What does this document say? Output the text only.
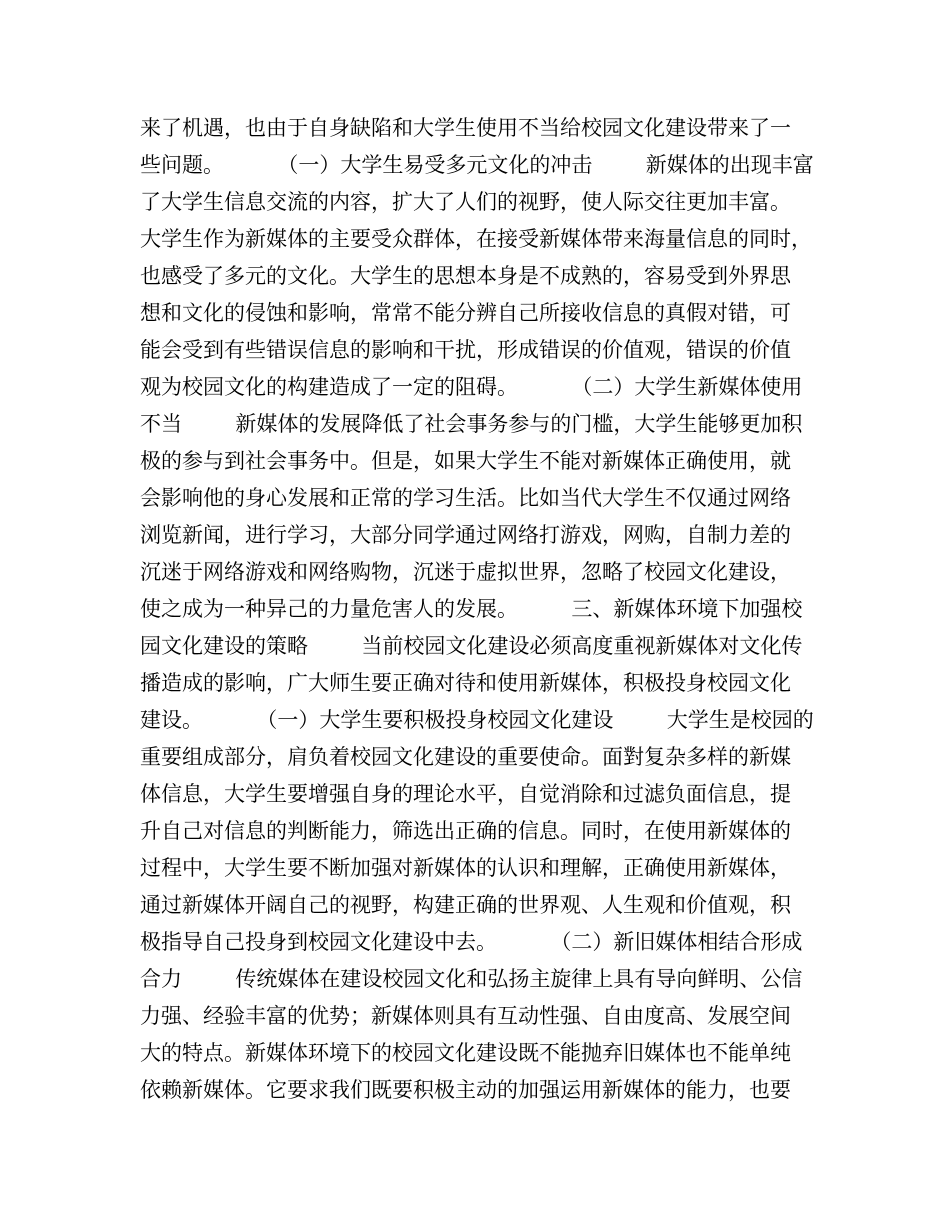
来了机遇，也由于自身缺陷和大学生使用不当给校园文化建设带来了一
些问题。        （一）大学生易受多元文化的冲击        新媒体的出现丰富
了大学生信息交流的内容，扩大了人们的视野，使人际交往更加丰富。
大学生作为新媒体的主要受众群体，在接受新媒体带来海量信息的同时，
也感受了多元的文化。大学生的思想本身是不成熟的，容易受到外界思
想和文化的侵蚀和影响，常常不能分辨自己所接收信息的真假对错，可
能会受到有些错误信息的影响和干扰，形成错误的价值观，错误的价值
观为校园文化的构建造成了一定的阻碍。        （二）大学生新媒体使用
不当        新媒体的发展降低了社会事务参与的门槛，大学生能够更加积
极的参与到社会事务中。但是，如果大学生不能对新媒体正确使用，就
会影响他的身心发展和正常的学习生活。比如当代大学生不仅通过网络
浏览新闻，进行学习，大部分同学通过网络打游戏，网购，自制力差的
沉迷于网络游戏和网络购物，沉迷于虚拟世界，忽略了校园文化建设，
使之成为一种异己的力量危害人的发展。        三、新媒体环境下加强校
园文化建设的策略        当前校园文化建设必须高度重视新媒体对文化传
播造成的影响，广大师生要正确对待和使用新媒体，积极投身校园文化
建设。        （一）大学生要积极投身校园文化建设        大学生是校园的
重要组成部分，肩负着校园文化建设的重要使命。面對复杂多样的新媒
体信息，大学生要增强自身的理论水平，自觉消除和过滤负面信息，提
升自己对信息的判断能力，筛选出正确的信息。同时，在使用新媒体的
过程中，大学生要不断加强对新媒体的认识和理解，正确使用新媒体，
通过新媒体开阔自己的视野，构建正确的世界观、人生观和价值观，积
极指导自己投身到校园文化建设中去。        （二）新旧媒体相结合形成
合力        传统媒体在建设校园文化和弘扬主旋律上具有导向鲜明、公信
力强、经验丰富的优势；新媒体则具有互动性强、自由度高、发展空间
大的特点。新媒体环境下的校园文化建设既不能抛弃旧媒体也不能单纯
依赖新媒体。它要求我们既要积极主动的加强运用新媒体的能力，也要
